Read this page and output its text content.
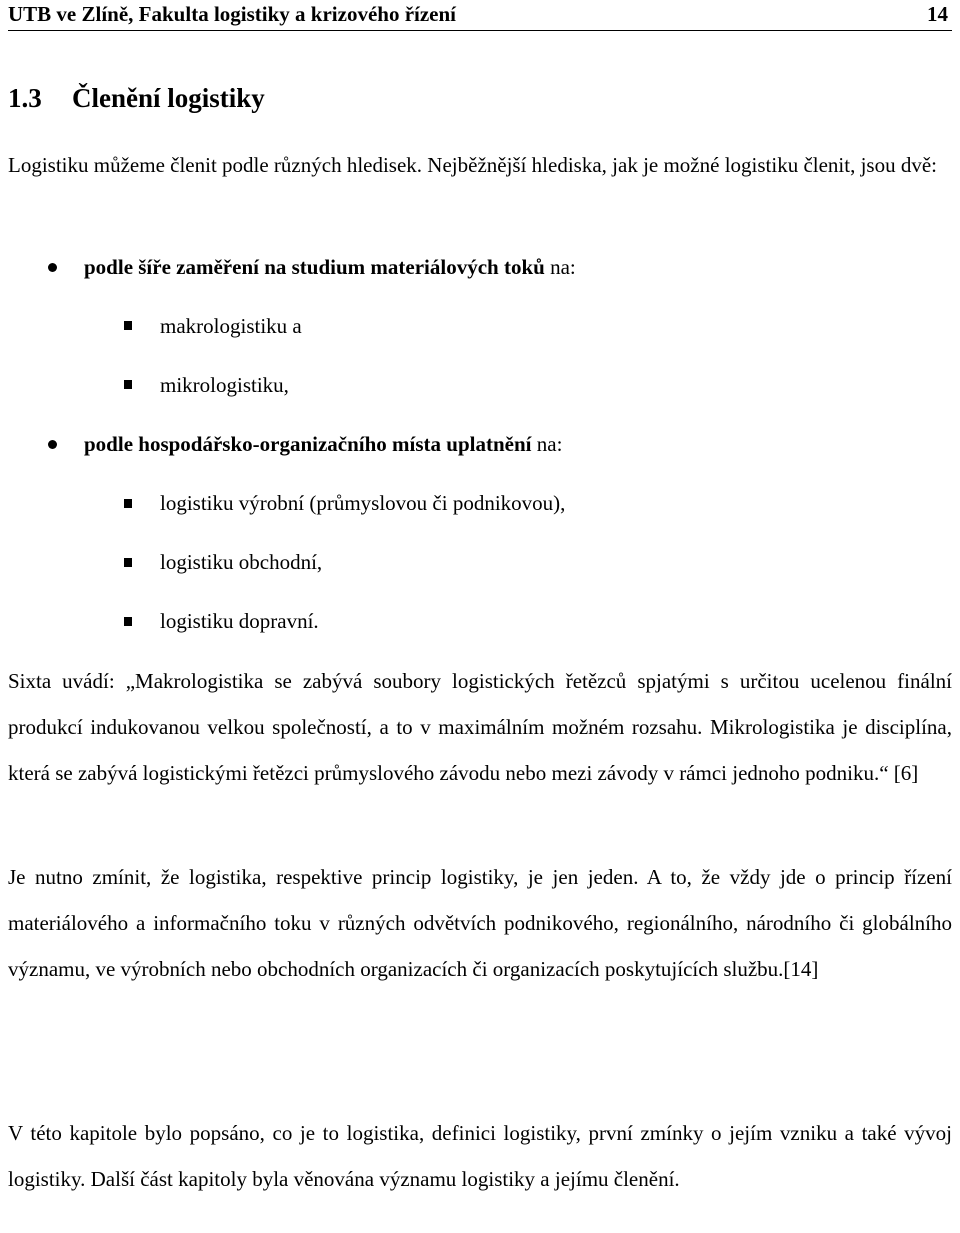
UTB ve Zlíně, Fakulta logistiky a krizového řízení	14
1.3 Členění logistiky

Logistiku můžeme členit podle různých hledisek. Nejběžnější hlediska, jak je možné logistiku členit, jsou dvě:

podle šíře zaměření na studium materiálových toků na:
makrologistiku a
mikrologistiku,
podle hospodářsko-organizačního místa uplatnění na:
logistiku výrobní (průmyslovou či podnikovou),
logistiku obchodní,
logistiku dopravní.

Sixta uvádí: „Makrologistika se zabývá soubory logistických řetězců spjatými s určitou ucelenou finální produkcí indukovanou velkou společností, a to v maximálním možném rozsahu. Mikrologistika je disciplína, která se zabývá logistickými řetězci průmyslového závodu nebo mezi závody v rámci jednoho podniku.“ [6]

Je nutno zmínit, že logistika, respektive princip logistiky, je jen jeden. A to, že vždy jde o princip řízení materiálového a informačního toku v různých odvětvích podnikového, regionálního, národního či globálního významu, ve výrobních nebo obchodních organizacích či organizacích poskytujících službu.[14]

V této kapitole bylo popsáno, co je to logistika, definici logistiky, první zmínky o jejím vzniku a také vývoj logistiky. Další část kapitoly byla věnována významu logistiky a jejímu členění.
